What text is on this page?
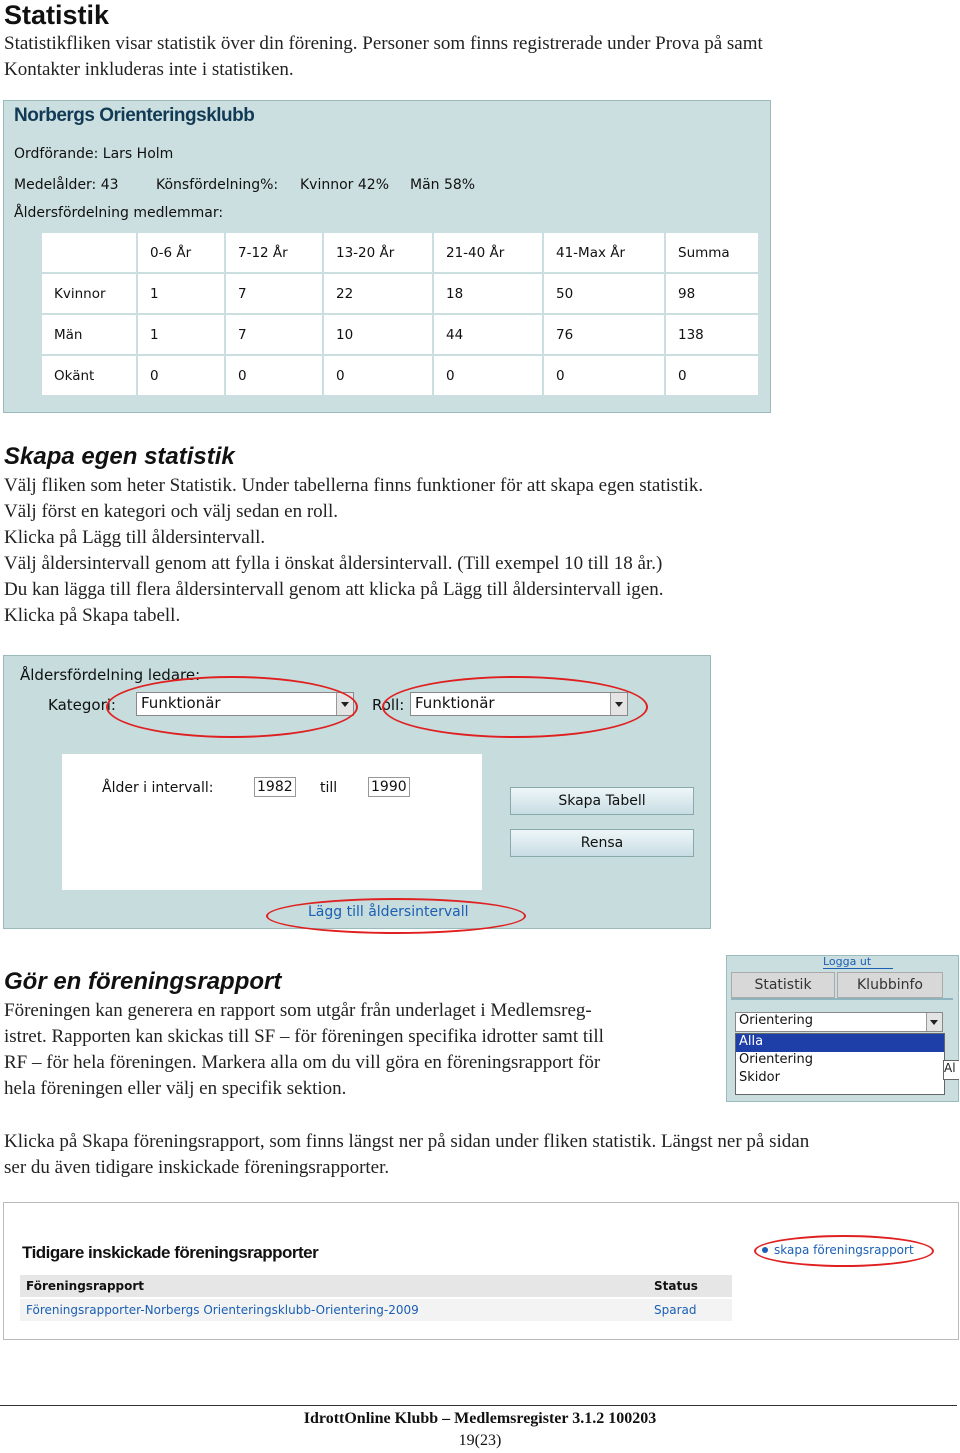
Statistik
Statistikfliken visar statistik över din förening. Personer som finns registrerade under Prova på samt
Kontakter inkluderas inte i statistiken.
Norbergs Orienteringsklubb
Ordförande: Lars Holm
Medelålder: 43	Könsfördelning%: Kvinnor 42% Män 58%
Åldersfördelning medlemmar:
	0-6 År	7-12 År	13-20 År	21-40 År	41-Max År	Summa
Kvinnor	1	7	22	18	50	98
Män	1	7	10	44	76	138
Okänt	0	0	0	0	0	0
Skapa egen statistik
Välj fliken som heter Statistik. Under tabellerna finns funktioner för att skapa egen statistik.
Välj först en kategori och välj sedan en roll.
Klicka på Lägg till åldersintervall.
Välj åldersintervall genom att fylla i önskat åldersintervall. (Till exempel 10 till 18 år.)
Du kan lägga till flera åldersintervall genom att klicka på Lägg till åldersintervall igen.
Klicka på Skapa tabell.
Åldersfördelning ledare:
Kategori: Funktionär	Roll: Funktionär
Ålder i intervall:
1982	till
1990
Skapa Tabell
Rensa
Lägg till åldersintervall
Gör en föreningsrapport
Föreningen kan generera en rapport som utgår från underlaget i Medlemsreg-
istret. Rapporten kan skickas till SF – för föreningen specifika idrotter samt till
RF – för hela föreningen. Markera alla om du vill göra en föreningsrapport för
hela föreningen eller välj en specifik sektion.
Logga ut
Statistik	Klubbinfo
Orientering
Alla
Orientering
Skidor
Al
Klicka på Skapa föreningsrapport, som finns längst ner på sidan under fliken statistik. Längst ner på sidan
ser du även tidigare inskickade föreningsrapporter.
Tidigare inskickade föreningsrapporter
Föreningsrapport	Status
Föreningsrapporter-Norbergs Orienteringsklubb-Orientering-2009	Sparad
skapa föreningsrapport
IdrottOnline Klubb – Medlemsregister 3.1.2 100203
19(23)
